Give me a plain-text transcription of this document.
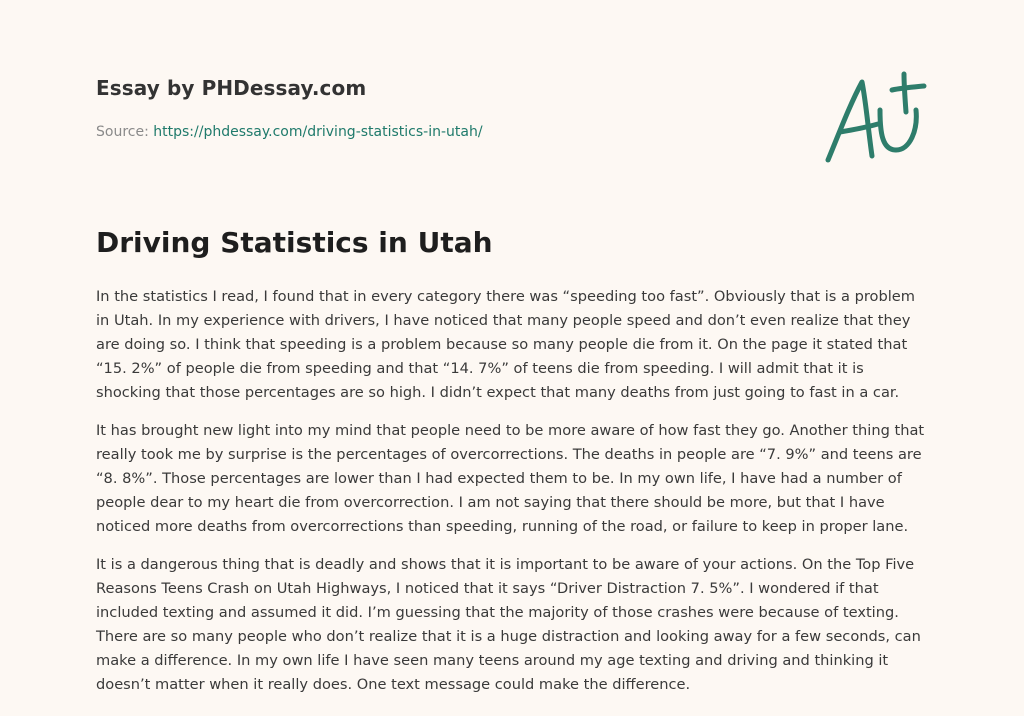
Essay by PHDessay.com
Source: https://phdessay.com/driving-statistics-in-utah/
Driving Statistics in Utah

In the statistics I read, I found that in every category there was “speeding too fast”. Obviously that is a problem in Utah. In my experience with drivers, I have noticed that many people speed and don’t even realize that they are doing so. I think that speeding is a problem because so many people die from it. On the page it stated that “15. 2%” of people die from speeding and that “14. 7%” of teens die from speeding. I will admit that it is shocking that those percentages are so high. I didn’t expect that many deaths from just going to fast in a car.

It has brought new light into my mind that people need to be more aware of how fast they go. Another thing that really took me by surprise is the percentages of overcorrections. The deaths in people are “7. 9%” and teens are “8. 8%”. Those percentages are lower than I had expected them to be. In my own life, I have had a number of people dear to my heart die from overcorrection. I am not saying that there should be more, but that I have noticed more deaths from overcorrections than speeding, running of the road, or failure to keep in proper lane.

It is a dangerous thing that is deadly and shows that it is important to be aware of your actions. On the Top Five Reasons Teens Crash on Utah Highways, I noticed that it says “Driver Distraction 7. 5%”. I wondered if that included texting and assumed it did. I’m guessing that the majority of those crashes were because of texting. There are so many people who don’t realize that it is a huge distraction and looking away for a few seconds, can make a difference. In my own life I have seen many teens around my age texting and driving and thinking it doesn’t matter when it really does. One text message could make the difference.
